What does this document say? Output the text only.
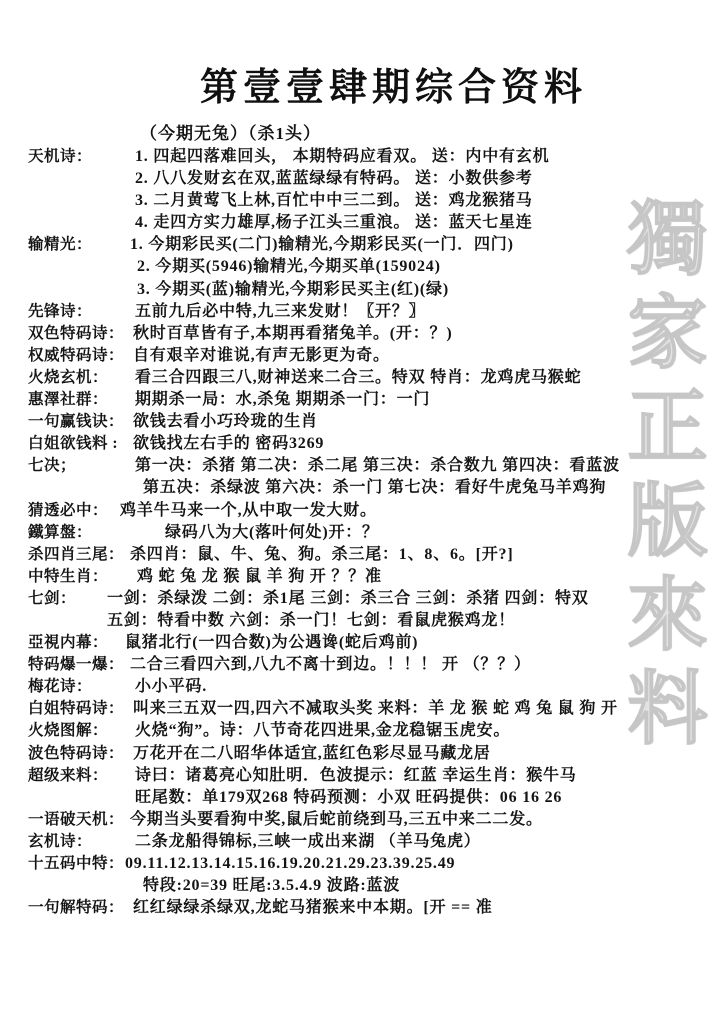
第壹壹肆期综合资料
（今期无兔）（杀1头）
獨家正版來料
天机诗：	1. 四起四落难回头， 本期特码应看双。 送：内中有玄机
2. 八八发财玄在双,蓝蓝绿绿有特码。 送：小数供参考
3. 二月黄莺飞上林,百忙中中三二到。 送：鸡龙猴猪马
4. 走四方实力雄厚,杨子江头三重浪。 送：蓝天七星连
输精光： 1. 今期彩民买(二门)输精光,今期彩民买(一门．四门)
2. 今期买(5946)输精光,今期买单(159024)
3. 今期买(蓝)输精光,今期彩民买主(红)(绿)
先锋诗：	五前九后必中特,九三来发财！〖开？〗
双色特码诗： 秋时百草皆有子,本期再看猪兔羊。(开：？)
权威特码诗： 自有艰辛对谁说,有声无影更为奇。
火烧玄机： 看三合四跟三八,财神送来二合三。特双 特肖：龙鸡虎马猴蛇
惠澤社群： 期期杀一局：水,杀兔 期期杀一门：一门
一句赢钱诀： 欲钱去看小巧玲珑的生肖
白姐欲钱料 : 欲钱找左右手的 密码3269
七决；	第一决：杀猪 第二决：杀二尾 第三决：杀合数九 第四决：看蓝波
第五决：杀绿波 第六决：杀一门 第七决：看好牛虎兔马羊鸡狗
猜透必中： 鸡羊牛马来一个,从中取一发大财。
鐵算盤：	绿码八为大(落叶何处)开：？
杀四肖三尾： 杀四肖：鼠、牛、兔、狗。杀三尾：1、8、6。[开?]
中特生肖： 鸡 蛇 兔 龙 猴 鼠 羊 狗 开 ？？准
七剑： 一剑：杀绿泼 二剑：杀1尾 三剑：杀三合 三剑：杀猪 四剑：特双
五剑：特看中数 六剑：杀一门！七剑：看鼠虎猴鸡龙！
亞視内幕： 鼠猪北行(一四合数)为公遇谗(蛇后鸡前)
特码爆一爆： 二合三看四六到,八九不离十到边。！！！ 开 （？？）
梅花诗：	小小平码.
白姐特码诗： 叫来三五双一四,四六不减取头奖 来料：羊 龙 猴 蛇 鸡 兔 鼠 狗 开
火烧图解： 火烧“狗”。诗：八节奇花四进果,金龙稳锯玉虎安。
波色特码诗： 万花开在二八昭华体适宜,蓝红色彩尽显马藏龙居
超级来料： 诗曰：诸葛亮心知肚明．色波提示：红蓝 幸运生肖：猴牛马
旺尾数：单179双268 特码预测：小双 旺码提供：06 16 26
一语破天机： 今期当头要看狗中奖,鼠后蛇前绕到马,三五中来二二发。
玄机诗：	二条龙船得锦标,三峡一成出来湖 （羊马兔虎）
十五码中特： 09.11.12.13.14.15.16.19.20.21.29.23.39.25.49
特段:20=39 旺尾:3.5.4.9 波路:蓝波
一句解特码： 红红绿绿杀绿双,龙蛇马猪猴来中本期。[开 == 准
